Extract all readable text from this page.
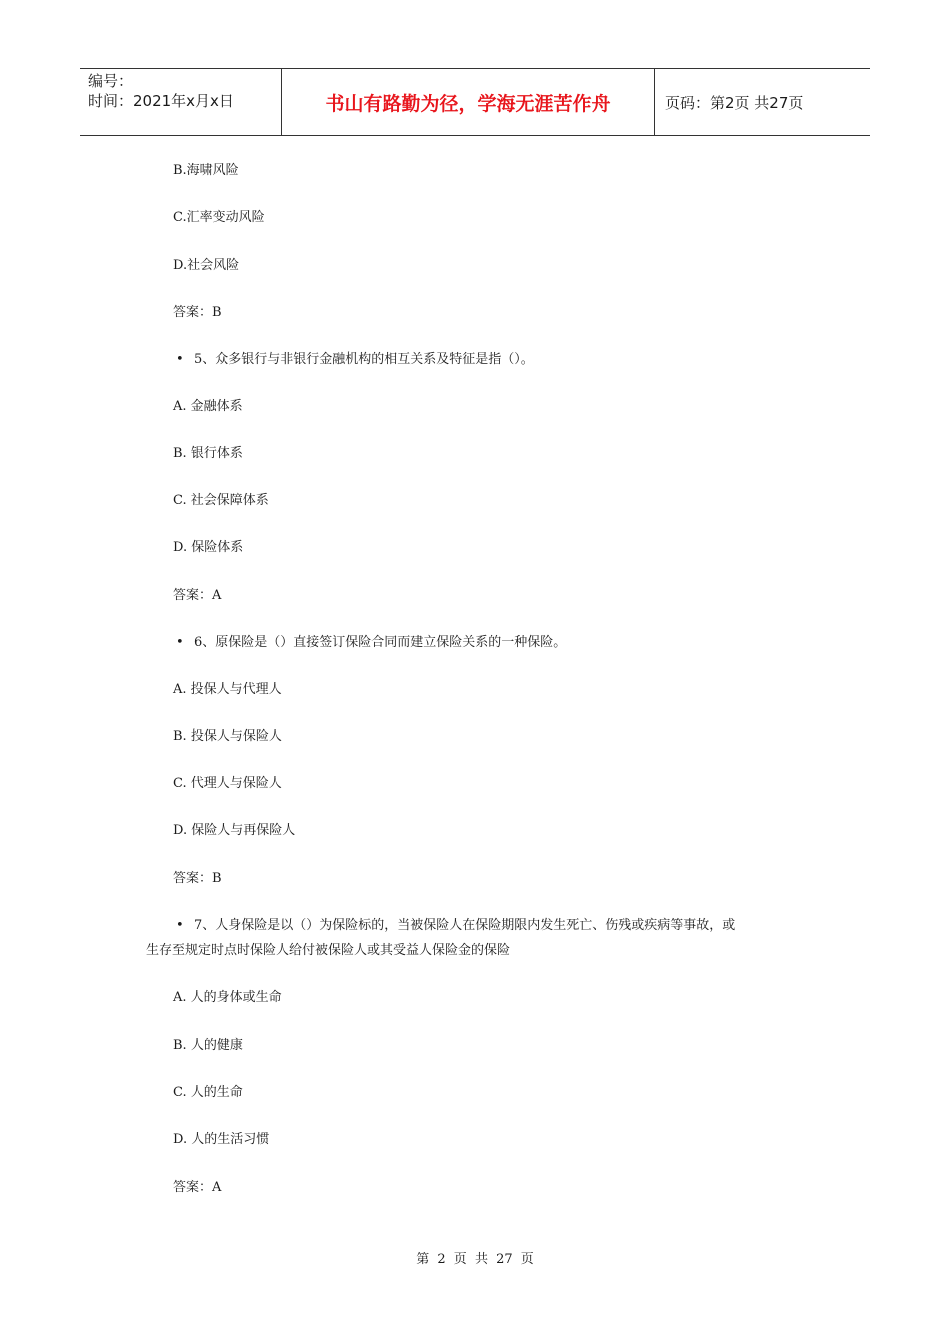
编号：
时间：2021年x月x日	书山有路勤为径，学海无涯苦作舟	页码：第2页 共27页
B.海啸风险
C.汇率变动风险
D.社会风险
答案：B
• 5、众多银行与非银行金融机构的相互关系及特征是指（）。
A. 金融体系
B. 银行体系
C. 社会保障体系
D. 保险体系
答案：A
• 6、原保险是（）直接签订保险合同而建立保险关系的一种保险。
A. 投保人与代理人
B. 投保人与保险人
C. 代理人与保险人
D. 保险人与再保险人
答案：B
• 7、人身保险是以（）为保险标的，当被保险人在保险期限内发生死亡、伤残或疾病等事故，或
生存至规定时点时保险人给付被保险人或其受益人保险金的保险
A. 人的身体或生命
B. 人的健康
C. 人的生命
D. 人的生活习惯
答案：A
第 2 页 共 27 页
